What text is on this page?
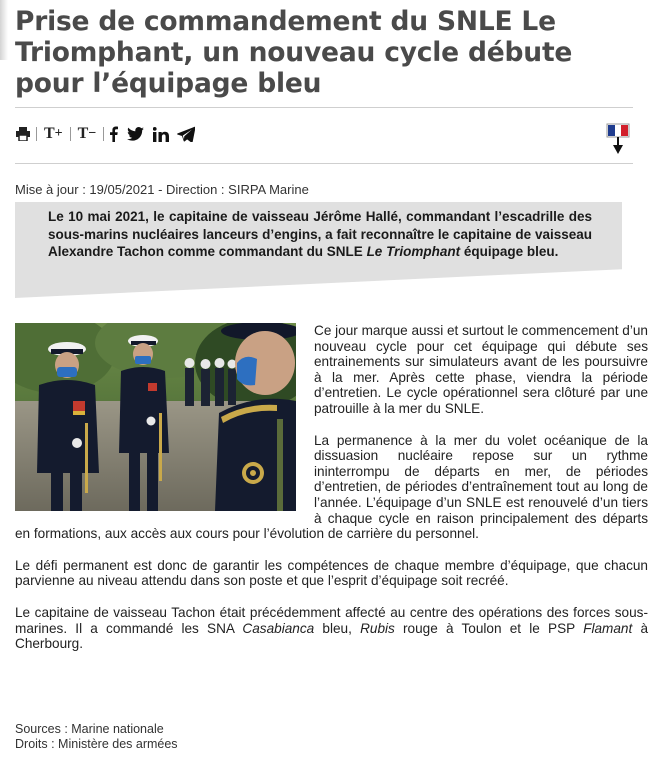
Prise de commandement du SNLE Le Triomphant, un nouveau cycle débute pour l’équipage bleu
T + T −

Mise à jour : 19/05/2021 - Direction : SIRPA Marine

Le 10 mai 2021, le capitaine de vaisseau Jérôme Hallé, commandant l’escadrille des sous-marins nucléaires lanceurs d’engins, a fait reconnaître le capitaine de vaisseau Alexandre Tachon comme commandant du SNLE Le Triomphant équipage bleu.

Ce jour marque aussi et surtout le commencement d’un nouveau cycle pour cet équipage qui débute ses entrainements sur simulateurs avant de les poursuivre à la mer. Après cette phase, viendra la période d’entretien. Le cycle opérationnel sera clôturé par une patrouille à la mer du SNLE.

La permanence à la mer du volet océanique de la dissuasion nucléaire repose sur un rythme ininterrompu de départs en mer, de périodes d’entretien, de périodes d’entraînement tout au long de l’année. L’équipage d’un SNLE est renouvelé d’un tiers à chaque cycle en raison principalement des départs en formations, aux accès aux cours pour l’évolution de carrière du personnel.

Le défi permanent est donc de garantir les compétences de chaque membre d’équipage, que chacun parvienne au niveau attendu dans son poste et que l’esprit d’équipage soit recréé.

Le capitaine de vaisseau Tachon était précédemment affecté au centre des opérations des forces sous-marines. Il a commandé les SNA Casabianca bleu, Rubis rouge à Toulon et le PSP Flamant à Cherbourg.

Sources : Marine nationale
Droits : Ministère des armées
